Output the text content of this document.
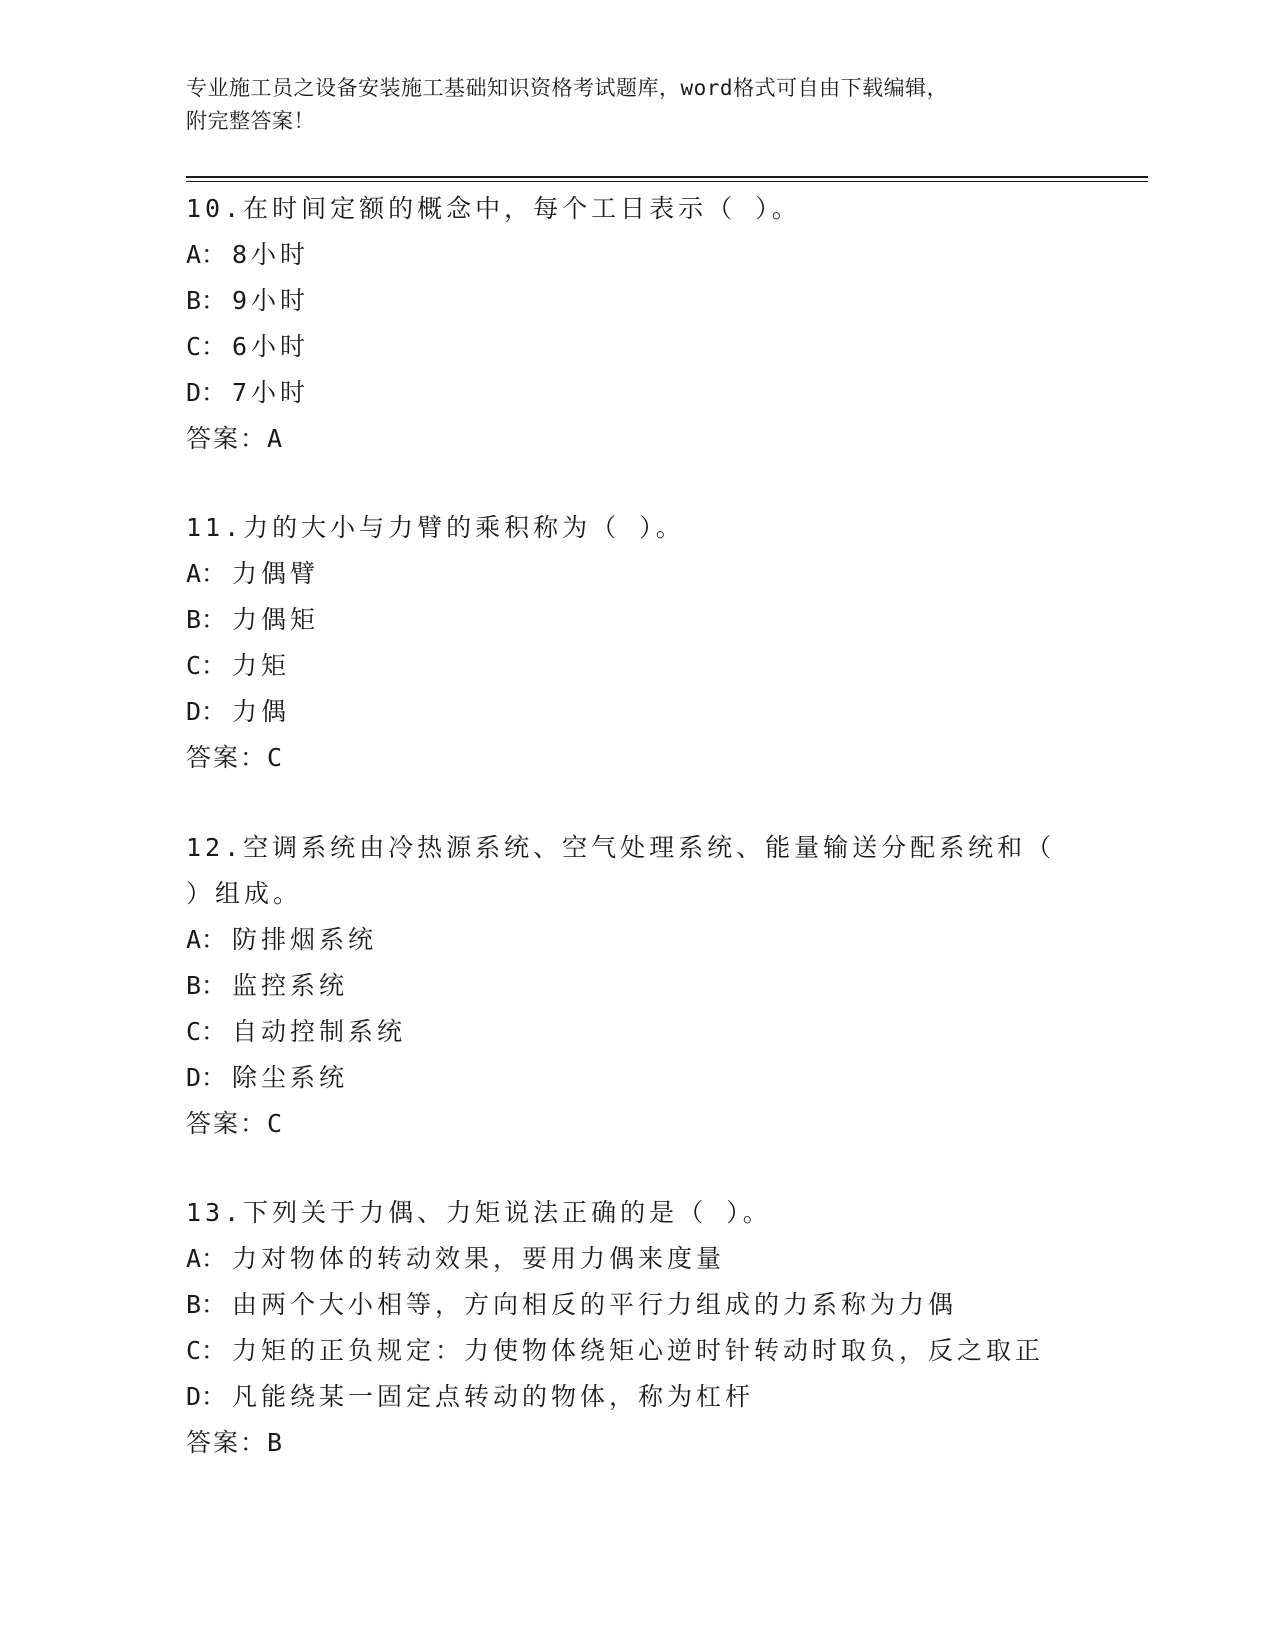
专业施工员之设备安装施工基础知识资格考试题库，word格式可自由下载编辑，
附完整答案！
10.在时间定额的概念中，每个工日表示（ ）。
A： 8小时
B： 9小时
C： 6小时
D： 7小时
答案：A
11.力的大小与力臂的乘积称为（ ）。
A： 力偶臂
B： 力偶矩
C： 力矩
D： 力偶
答案：C
12.空调系统由冷热源系统、空气处理系统、能量输送分配系统和（
）组成。
A： 防排烟系统
B： 监控系统
C： 自动控制系统
D： 除尘系统
答案：C
13.下列关于力偶、力矩说法正确的是（ ）。
A： 力对物体的转动效果，要用力偶来度量
B： 由两个大小相等，方向相反的平行力组成的力系称为力偶
C： 力矩的正负规定：力使物体绕矩心逆时针转动时取负，反之取正
D： 凡能绕某一固定点转动的物体，称为杠杆
答案：B
